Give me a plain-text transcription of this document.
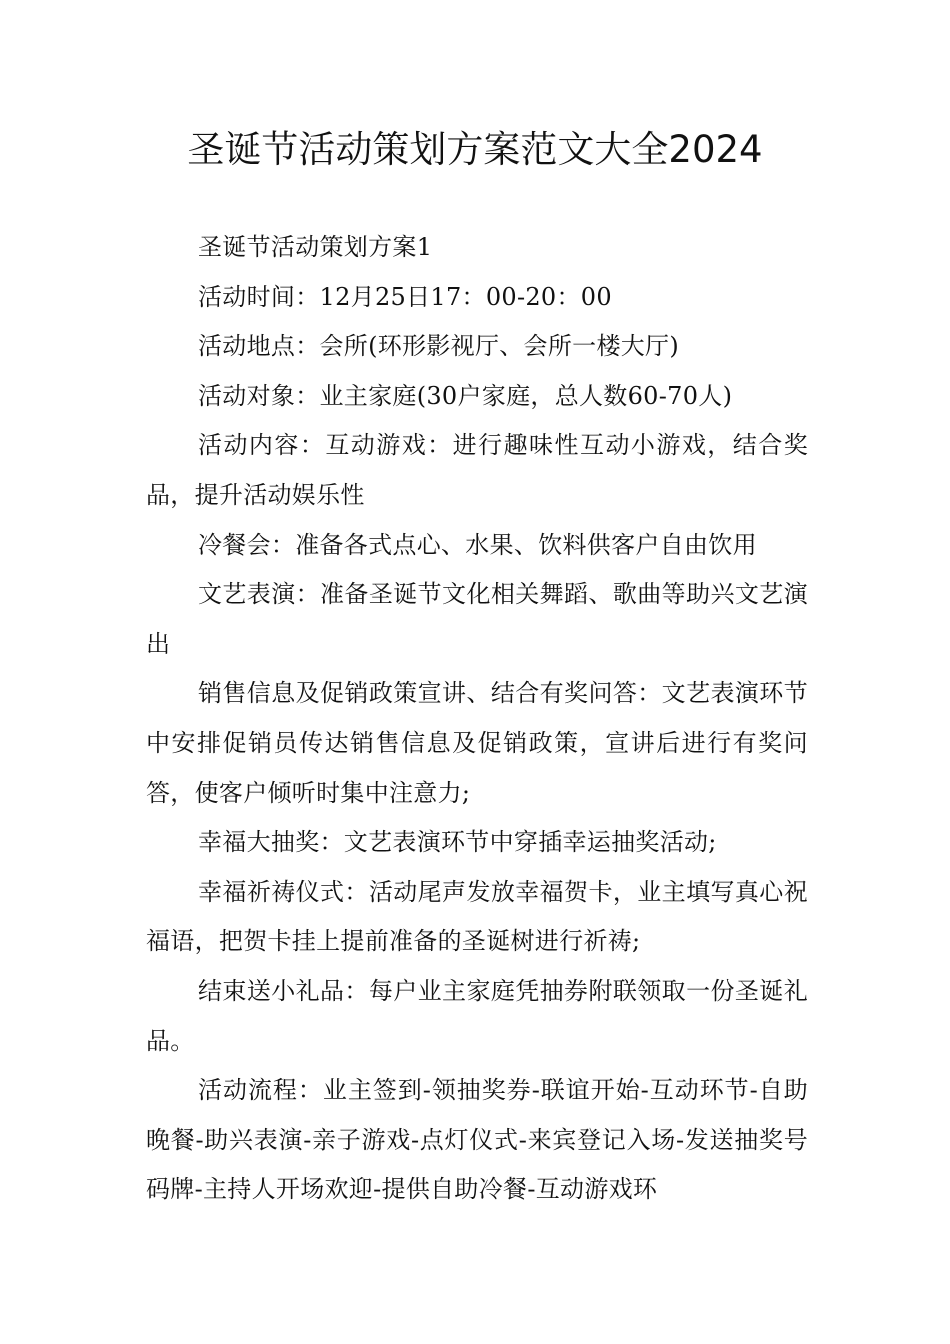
圣诞节活动策划方案范文大全2024

圣诞节活动策划方案1

活动时间：12月25日17：00-20：00

活动地点：会所(环形影视厅、会所一楼大厅)

活动对象：业主家庭(30户家庭，总人数60-70人)

活动内容：互动游戏：进行趣味性互动小游戏，结合奖品，提升活动娱乐性

冷餐会：准备各式点心、水果、饮料供客户自由饮用

文艺表演：准备圣诞节文化相关舞蹈、歌曲等助兴文艺演出

销售信息及促销政策宣讲、结合有奖问答：文艺表演环节中安排促销员传达销售信息及促销政策，宣讲后进行有奖问答，使客户倾听时集中注意力;

幸福大抽奖：文艺表演环节中穿插幸运抽奖活动;

幸福祈祷仪式：活动尾声发放幸福贺卡，业主填写真心祝福语，把贺卡挂上提前准备的圣诞树进行祈祷;

结束送小礼品：每户业主家庭凭抽券附联领取一份圣诞礼品。

活动流程：业主签到-领抽奖券-联谊开始-互动环节-自助晚餐-助兴表演-亲子游戏-点灯仪式-来宾登记入场-发送抽奖号码牌-主持人开场欢迎-提供自助冷餐-互动游戏环
